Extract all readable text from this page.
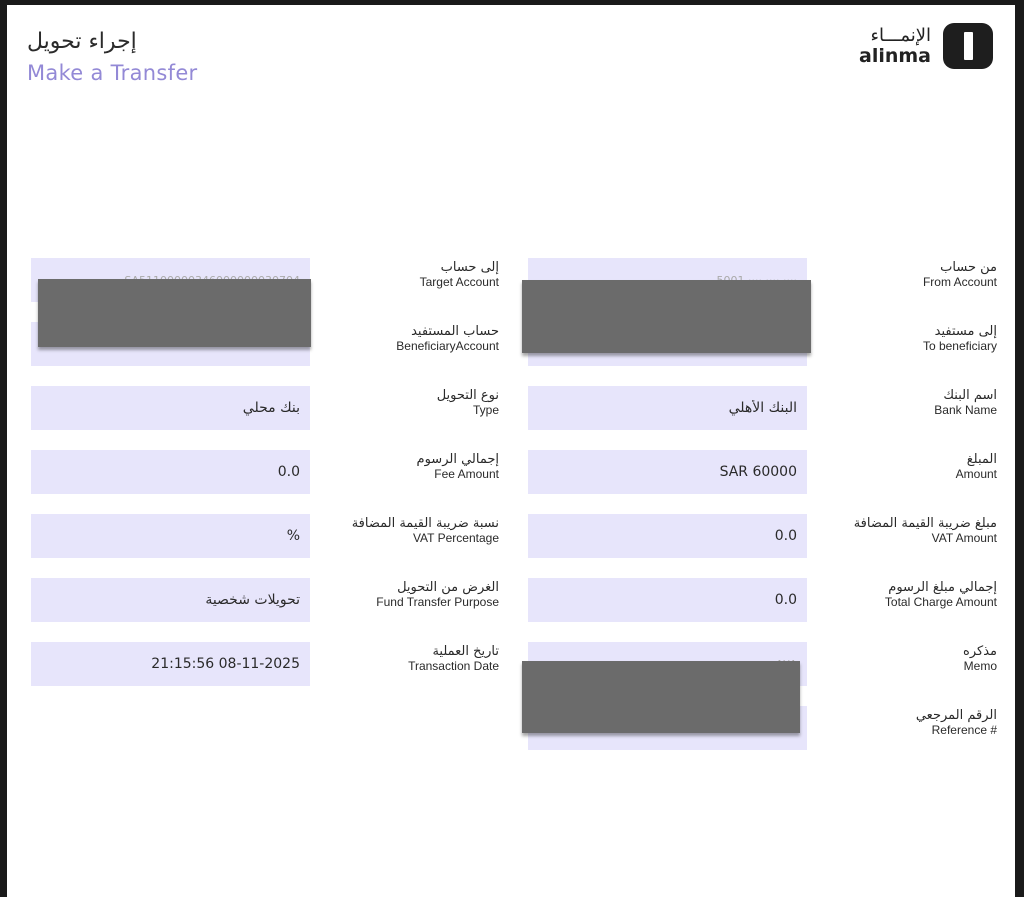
إجراء تحويل
Make a Transfer
الإنمـــاء
alinma
من حساب
From Account
إلى مستفيد
To beneficiary
البنك الأهلي
اسم البنك
Bank Name
SAR 60000
المبلغ
Amount
0.0
مبلغ ضريبة القيمة المضافة
VAT Amount
0.0
إجمالي مبلغ الرسوم
Total Charge Amount
مذكره
Memo
الرقم المرجعي
Reference #
إلى حساب
Target Account
حساب المستفيد
BeneficiaryAccount
بنك محلي
نوع التحويل
Type
0.0
إجمالي الرسوم
Fee Amount
%
نسبة ضريبة القيمة المضافة
VAT Percentage
تحويلات شخصية
الغرض من التحويل
Fund Transfer Purpose
21:15:56 08-11-2025
تاريخ العملية
Transaction Date
